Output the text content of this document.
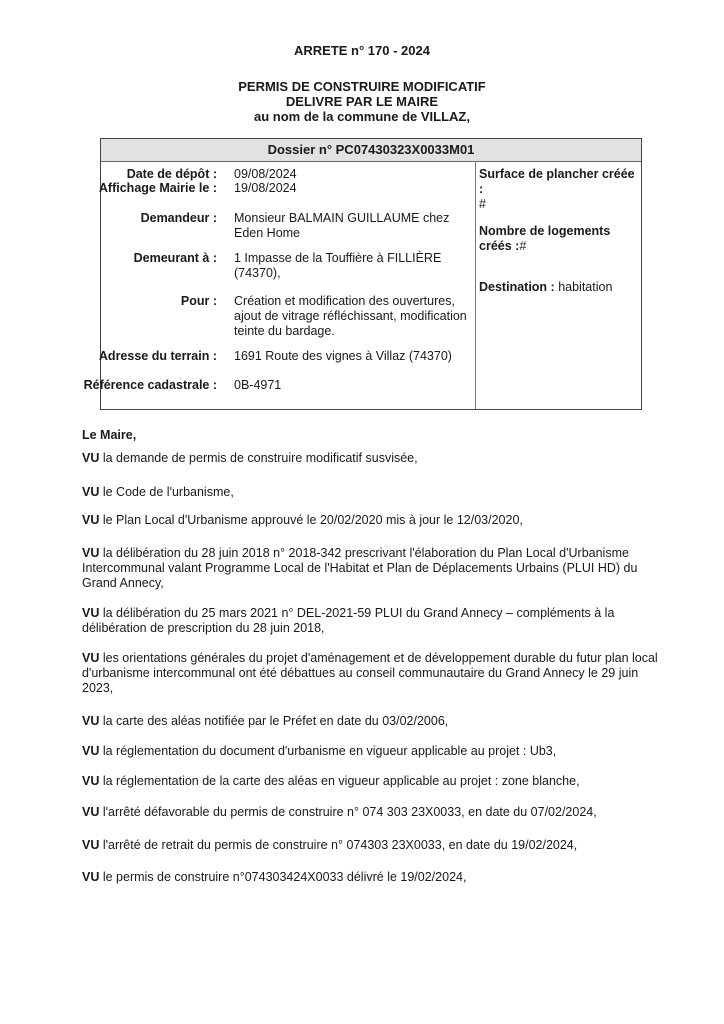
ARRETE n° 170 - 2024
PERMIS DE CONSTRUIRE MODIFICATIF
DELIVRE PAR LE MAIRE
au nom de la commune de VILLAZ,
Dossier n° PC07430323X0033M01
Date de dépôt : 09/08/2024
Affichage Mairie le : 19/08/2024
Demandeur : Monsieur BALMAIN GUILLAUME chez Eden Home
Demeurant à : 1 Impasse de la Touffière à FILLIÈRE (74370),
Pour : Création et modification des ouvertures, ajout de vitrage réfléchissant, modification teinte du bardage.
Adresse du terrain : 1691 Route des vignes à Villaz (74370)
Référence cadastrale : 0B-4971
Surface de plancher créée :
#
Nombre de logements créés :#
Destination : habitation
Le Maire,
VU la demande de permis de construire modificatif susvisée,
VU le Code de l'urbanisme,
VU le Plan Local d'Urbanisme approuvé le 20/02/2020 mis à jour le 12/03/2020,
VU la délibération du 28 juin 2018 n° 2018-342 prescrivant l'élaboration du Plan Local d'Urbanisme Intercommunal valant Programme Local de l'Habitat et Plan de Déplacements Urbains (PLUI HD) du Grand Annecy,
VU la délibération du 25 mars 2021 n° DEL-2021-59 PLUI du Grand Annecy – compléments à la délibération de prescription du 28 juin 2018,
VU les orientations générales du projet d'aménagement et de développement durable du futur plan local d'urbanisme intercommunal ont été débattues au conseil communautaire du Grand Annecy le 29 juin 2023,
VU la carte des aléas notifiée par le Préfet en date du 03/02/2006,
VU la réglementation du document d'urbanisme en vigueur applicable au projet : Ub3,
VU la réglementation de la carte des aléas en vigueur applicable au projet : zone blanche,
VU l'arrêté défavorable du permis de construire n° 074 303 23X0033, en date du 07/02/2024,
VU l'arrêté de retrait du permis de construire n° 074303 23X0033, en date du 19/02/2024,
VU le permis de construire n°074303424X0033 délivré le 19/02/2024,
